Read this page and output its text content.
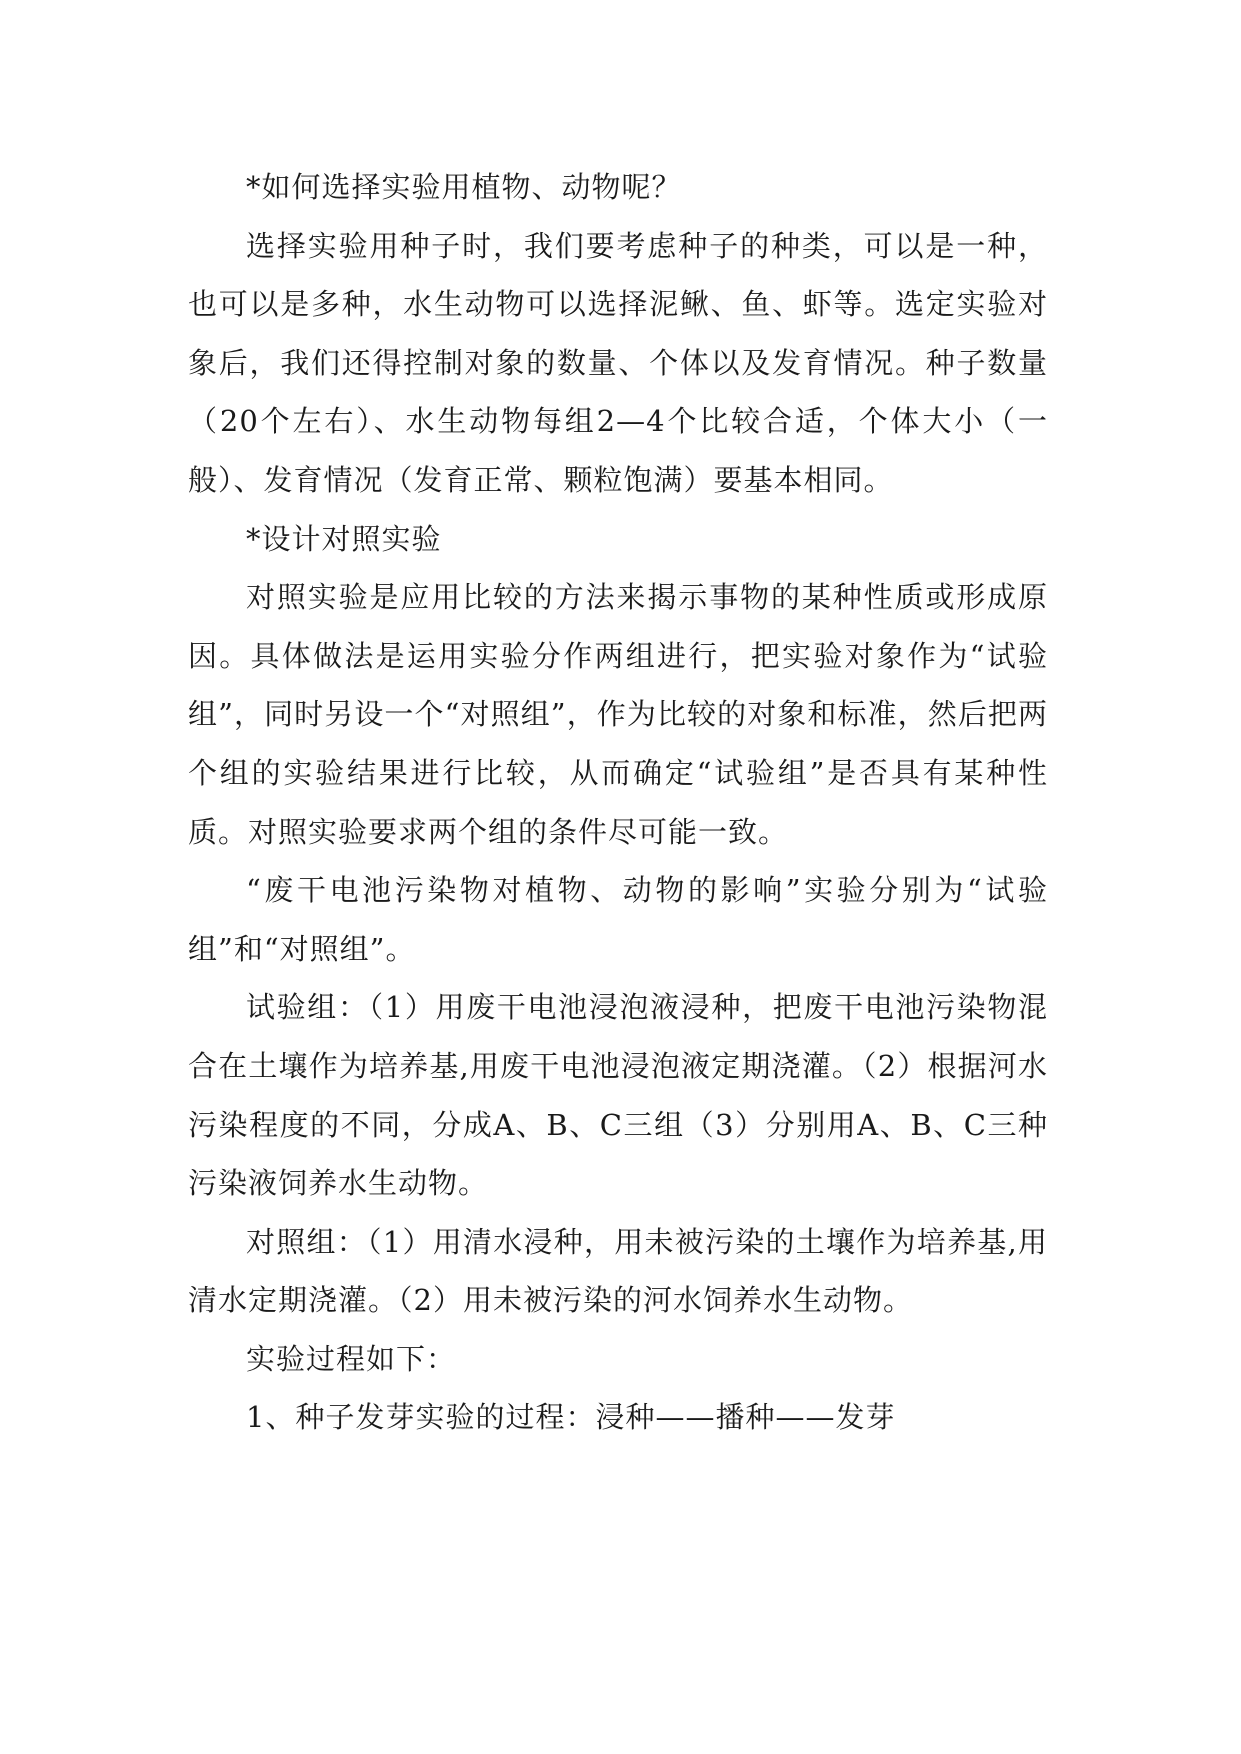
*如何选择实验用植物、动物呢？

选择实验用种子时，我们要考虑种子的种类，可以是一种，也可以是多种，水生动物可以选择泥鳅、鱼、虾等。选定实验对象后，我们还得控制对象的数量、个体以及发育情况。种子数量（20个左右）、水生动物每组2—4个比较合适，个体大小（一般）、发育情况（发育正常、颗粒饱满）要基本相同。

*设计对照实验

对照实验是应用比较的方法来揭示事物的某种性质或形成原因。具体做法是运用实验分作两组进行，把实验对象作为“试验组”，同时另设一个“对照组”，作为比较的对象和标准，然后把两个组的实验结果进行比较，从而确定“试验组”是否具有某种性质。对照实验要求两个组的条件尽可能一致。

“废干电池污染物对植物、动物的影响”实验分别为“试验组”和“对照组”。

试验组：（1）用废干电池浸泡液浸种，把废干电池污染物混合在土壤作为培养基,用废干电池浸泡液定期浇灌。（2）根据河水污染程度的不同，分成A、B、C三组（3）分别用A、B、C三种污染液饲养水生动物。

对照组：（1）用清水浸种，用未被污染的土壤作为培养基,用清水定期浇灌。（2）用未被污染的河水饲养水生动物。

实验过程如下：

1、种子发芽实验的过程：浸种——播种——发芽
